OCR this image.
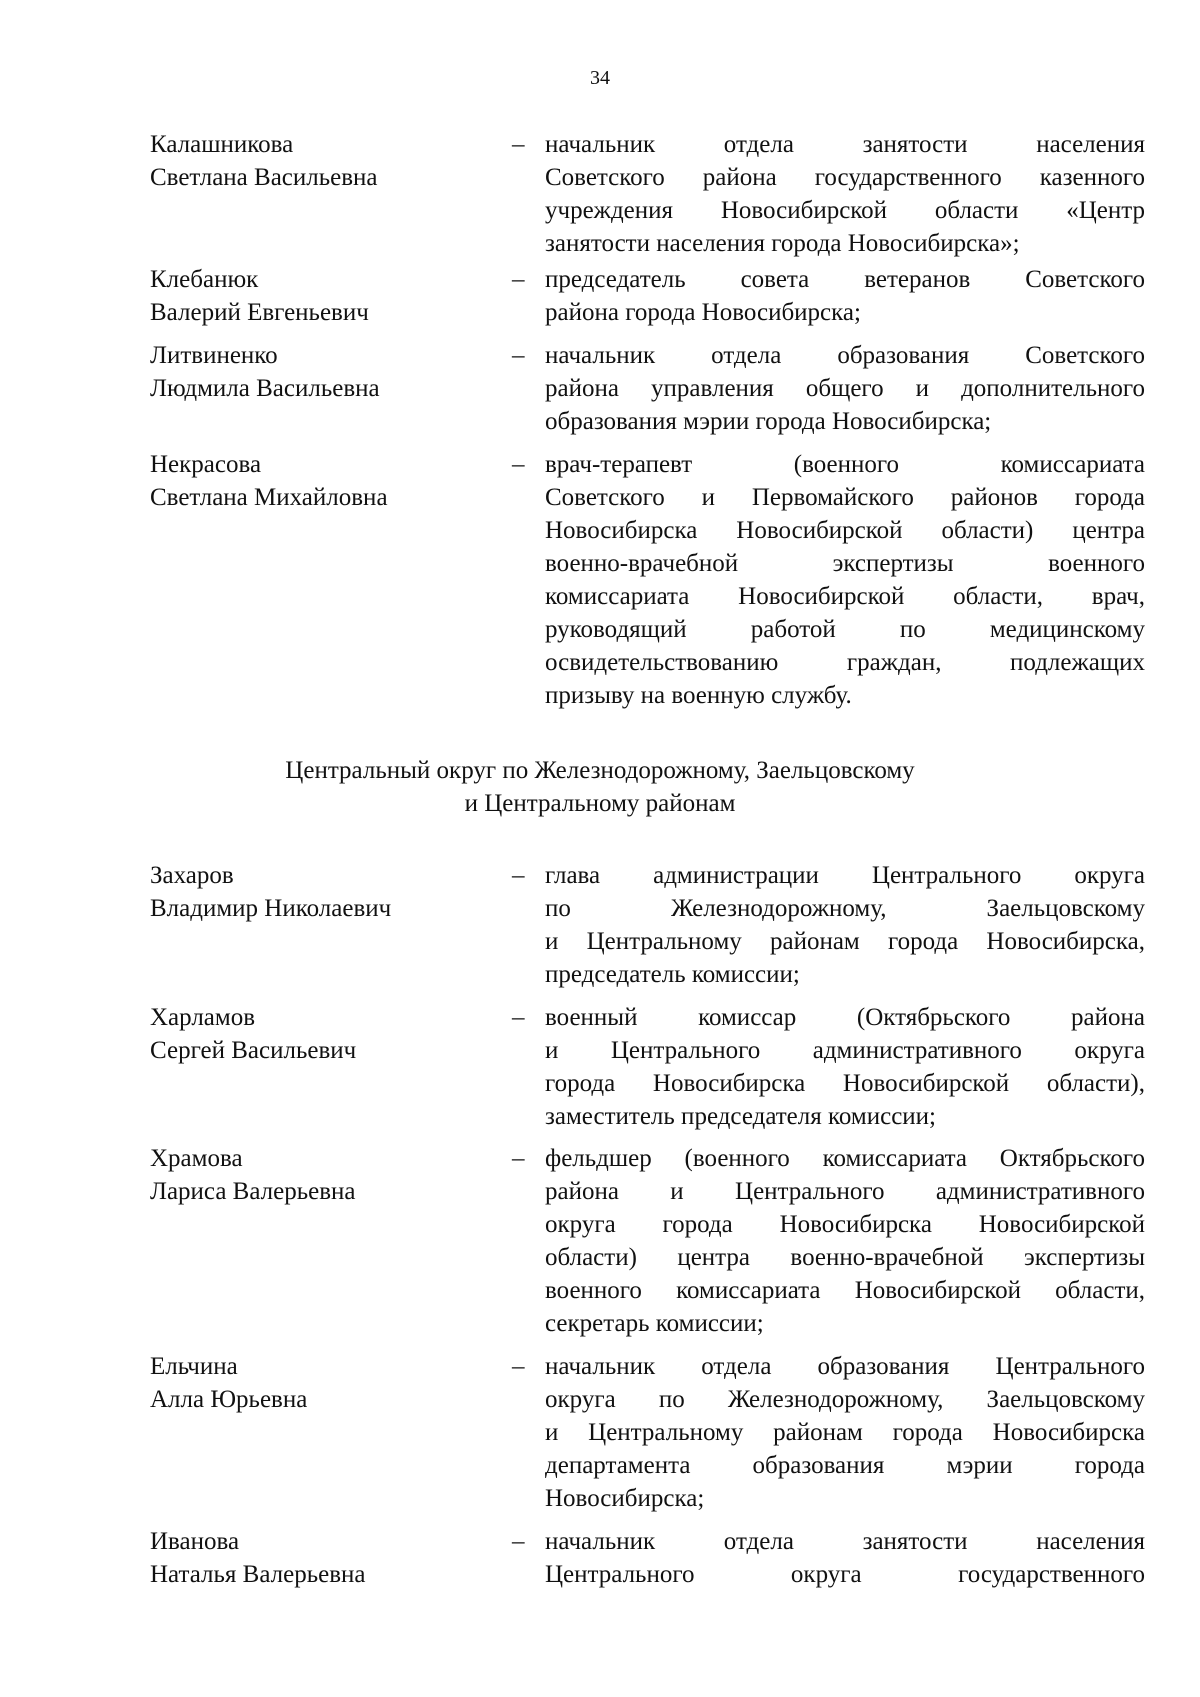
34
Калашникова
Светлана Васильевна
– начальник отдела занятости населения
Советского района государственного казенного
учреждения Новосибирской области «Центр
занятости населения города Новосибирска»;
Клебанюк
Валерий Евгеньевич
– председатель совета ветеранов Советского
района города Новосибирска;
Литвиненко
Людмила Васильевна
– начальник отдела образования Советского
района управления общего и дополнительного
образования мэрии города Новосибирска;
Некрасова
Светлана Михайловна
– врач-терапевт (военного комиссариата
Советского и Первомайского районов города
Новосибирска Новосибирской области) центра
военно-врачебной экспертизы военного
комиссариата Новосибирской области, врач,
руководящий работой по медицинскому
освидетельствованию граждан, подлежащих
призыву на военную службу.
Центральный округ по Железнодорожному, Заельцовскому
и Центральному районам
Захаров
Владимир Николаевич
– глава администрации Центрального округа
по Железнодорожному, Заельцовскому
и Центральному районам города Новосибирска,
председатель комиссии;
Харламов
Сергей Васильевич
– военный комиссар (Октябрьского района
и Центрального административного округа
города Новосибирска Новосибирской области),
заместитель председателя комиссии;
Храмова
Лариса Валерьевна
– фельдшер (военного комиссариата Октябрьского
района и Центрального административного
округа города Новосибирска Новосибирской
области) центра военно-врачебной экспертизы
военного комиссариата Новосибирской области,
секретарь комиссии;
Ельчина
Алла Юрьевна
– начальник отдела образования Центрального
округа по Железнодорожному, Заельцовскому
и Центральному районам города Новосибирска
департамента образования мэрии города
Новосибирска;
Иванова
Наталья Валерьевна
– начальник отдела занятости населения
Центрального округа государственного
